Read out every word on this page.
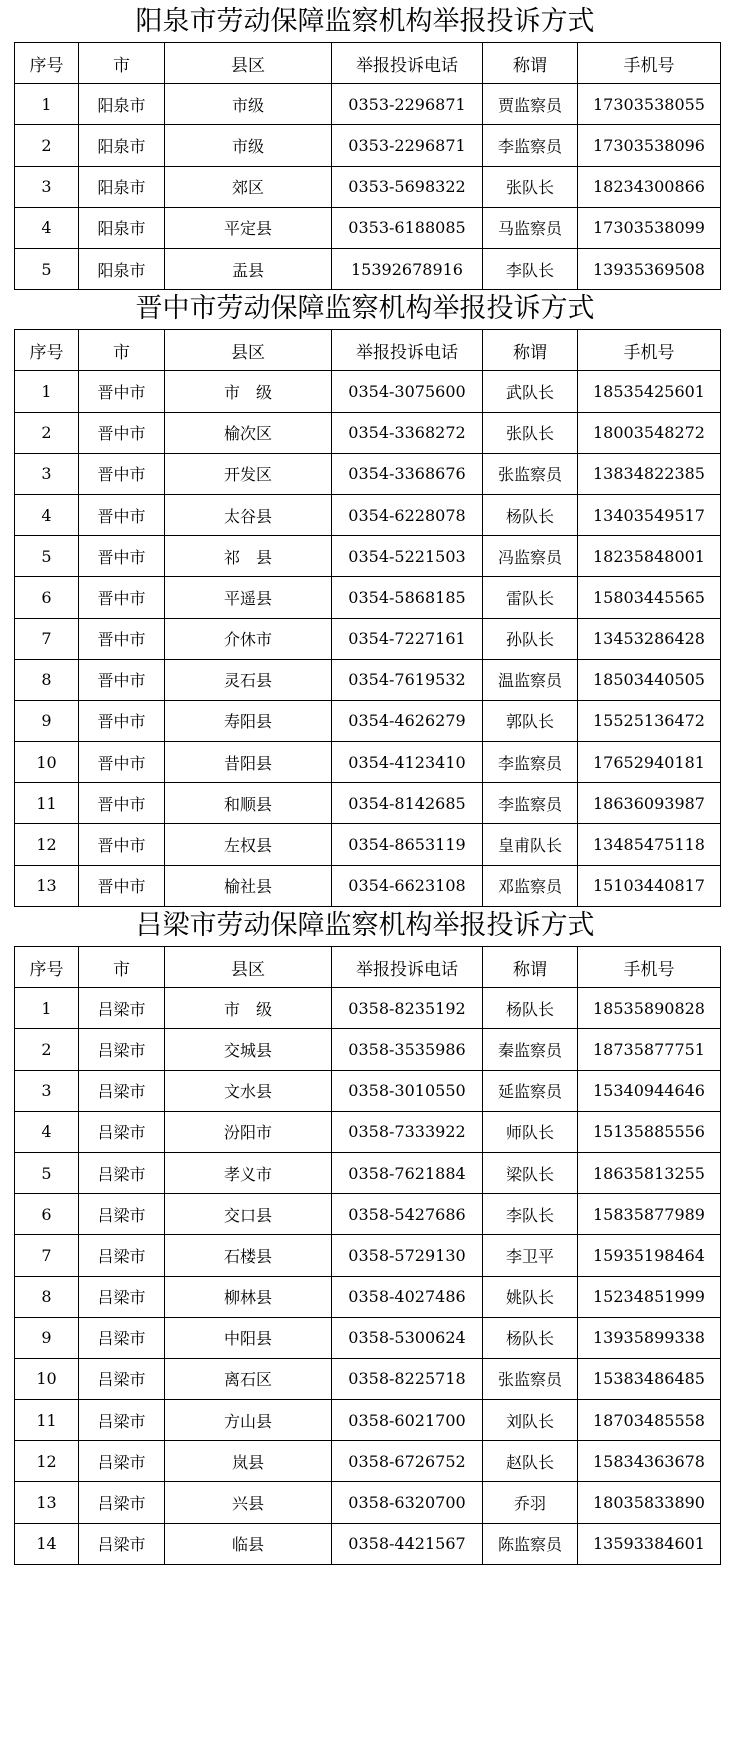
阳泉市劳动保障监察机构举报投诉方式
序号	市	县区	举报投诉电话	称谓	手机号
1	阳泉市	市级	0353-2296871	贾监察员	17303538055
2	阳泉市	市级	0353-2296871	李监察员	17303538096
3	阳泉市	郊区	0353-5698322	张队长	18234300866
4	阳泉市	平定县	0353-6188085	马监察员	17303538099
5	阳泉市	盂县	15392678916	李队长	13935369508
晋中市劳动保障监察机构举报投诉方式
序号	市	县区	举报投诉电话	称谓	手机号
1	晋中市	市　级	0354-3075600	武队长	18535425601
2	晋中市	榆次区	0354-3368272	张队长	18003548272
3	晋中市	开发区	0354-3368676	张监察员	13834822385
4	晋中市	太谷县	0354-6228078	杨队长	13403549517
5	晋中市	祁　县	0354-5221503	冯监察员	18235848001
6	晋中市	平遥县	0354-5868185	雷队长	15803445565
7	晋中市	介休市	0354-7227161	孙队长	13453286428
8	晋中市	灵石县	0354-7619532	温监察员	18503440505
9	晋中市	寿阳县	0354-4626279	郭队长	15525136472
10	晋中市	昔阳县	0354-4123410	李监察员	17652940181
11	晋中市	和顺县	0354-8142685	李监察员	18636093987
12	晋中市	左权县	0354-8653119	皇甫队长	13485475118
13	晋中市	榆社县	0354-6623108	邓监察员	15103440817
吕梁市劳动保障监察机构举报投诉方式
序号	市	县区	举报投诉电话	称谓	手机号
1	吕梁市	市　级	0358-8235192	杨队长	18535890828
2	吕梁市	交城县	0358-3535986	秦监察员	18735877751
3	吕梁市	文水县	0358-3010550	延监察员	15340944646
4	吕梁市	汾阳市	0358-7333922	师队长	15135885556
5	吕梁市	孝义市	0358-7621884	梁队长	18635813255
6	吕梁市	交口县	0358-5427686	李队长	15835877989
7	吕梁市	石楼县	0358-5729130	李卫平	15935198464
8	吕梁市	柳林县	0358-4027486	姚队长	15234851999
9	吕梁市	中阳县	0358-5300624	杨队长	13935899338
10	吕梁市	离石区	0358-8225718	张监察员	15383486485
11	吕梁市	方山县	0358-6021700	刘队长	18703485558
12	吕梁市	岚县	0358-6726752	赵队长	15834363678
13	吕梁市	兴县	0358-6320700	乔羽	18035833890
14	吕梁市	临县	0358-4421567	陈监察员	13593384601
